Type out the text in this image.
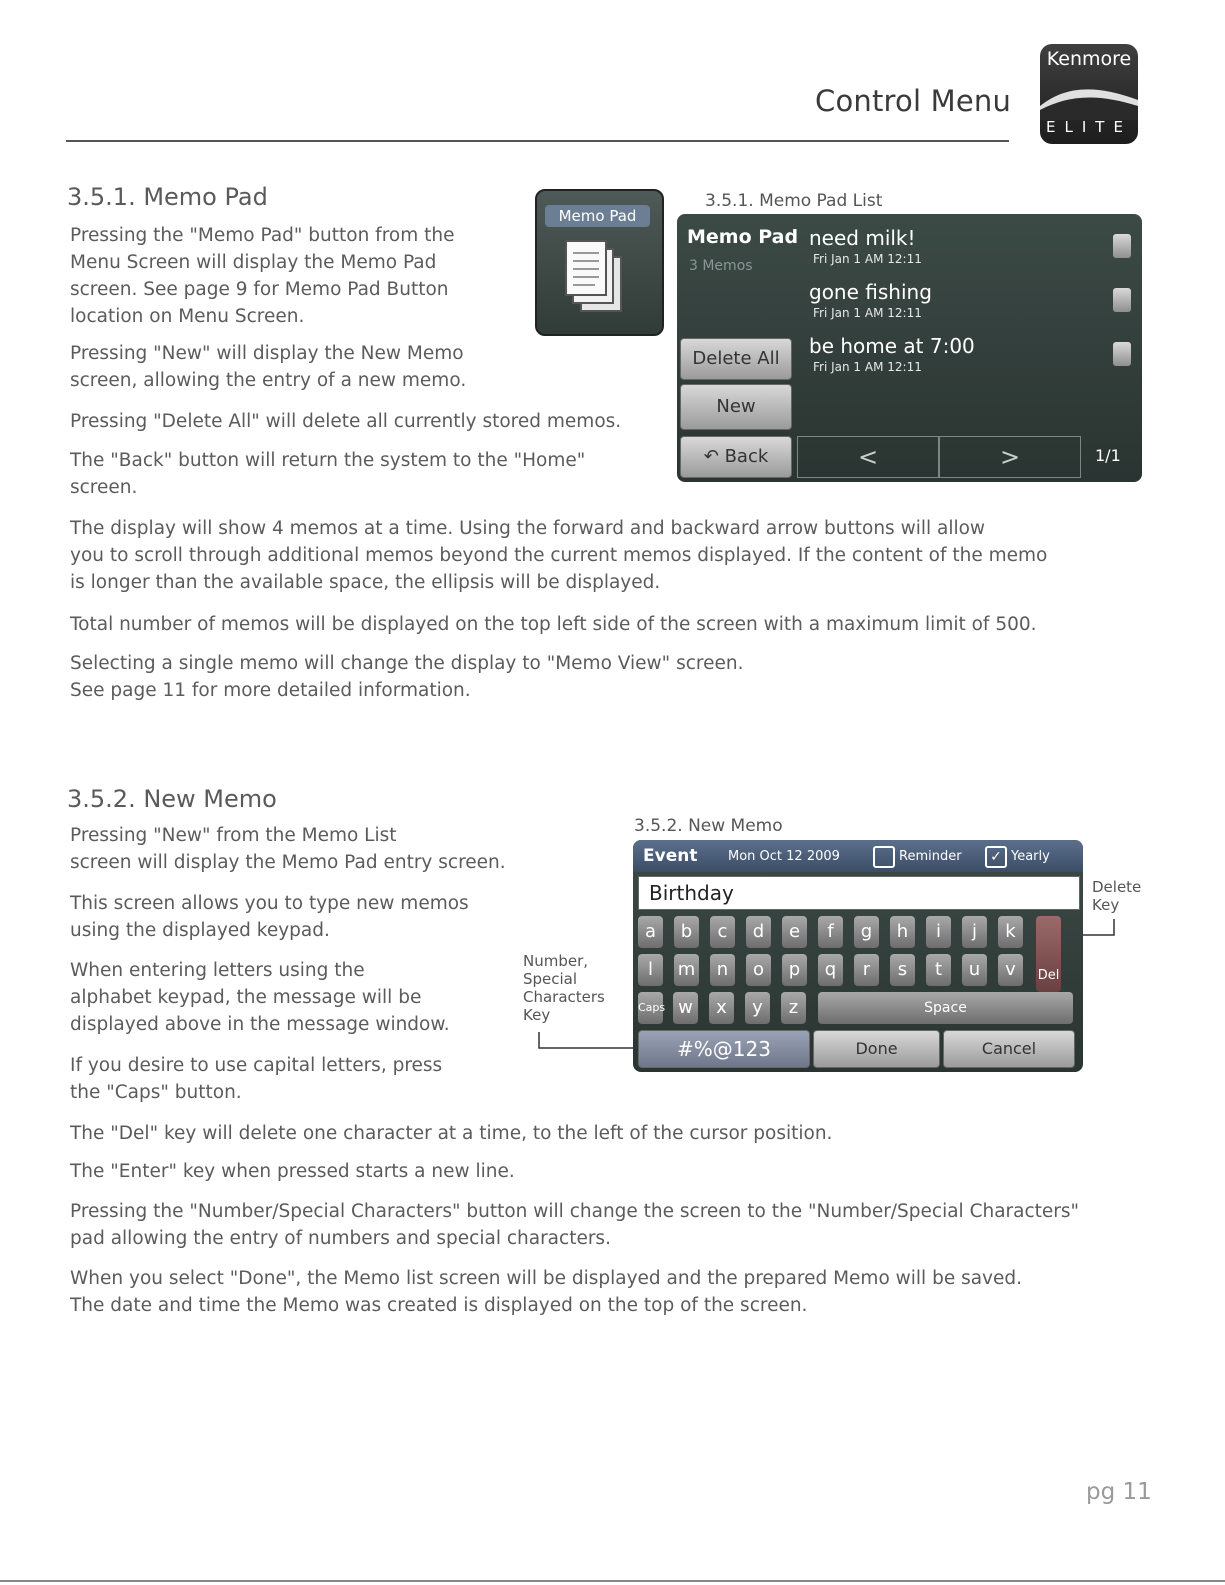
Control Menu
Kenmore
ELITE
3.5.1. Memo Pad

Pressing the "Memo Pad" button from the

Menu Screen will display the Memo Pad

screen. See page 9 for Memo Pad Button

location on Menu Screen.

Pressing "New" will display the New Memo

screen, allowing the entry of a new memo.

Pressing "Delete All" will delete all currently stored memos.

The "Back" button will return the system to the "Home"

screen.

Memo Pad
3.5.1. Memo Pad List
Memo Pad
3 Memos
need milk!
Fri Jan 1 AM 12:11
gone fishing
Fri Jan 1 AM 12:11
be home at 7:00
Fri Jan 1 AM 12:11
Delete All
New
↶ Back	<	>	1/1

The display will show 4 memos at a time. Using the forward and backward arrow buttons will allow

you to scroll through additional memos beyond the current memos displayed. If the content of the memo

is longer than the available space, the ellipsis will be displayed.

Total number of memos will be displayed on the top left side of the screen with a maximum limit of 500.

Selecting a single memo will change the display to "Memo View" screen.

See page 11 for more detailed information.

3.5.2. New Memo

Pressing "New" from the Memo List

screen will display the Memo Pad entry screen.

This screen allows you to type new memos

using the displayed keypad.

When entering letters using the

alphabet keypad, the message will be

displayed above in the message window.

If you desire to use capital letters, press

the "Caps" button.

Number,
Special
Characters
Key
Delete
Key
3.5.2. New Memo
Event Mon Oct 12 2009	Reminder	✓ Yearly
Birthday
Del
Caps	Space
#%@123	Done	Cancel
a	b	c	d	e	f	g	h	i	j	k
l	m	n	o	p	q	r	s	t	u	v
w	x	y	z

The "Del" key will delete one character at a time, to the left of the cursor position.

The "Enter" key when pressed starts a new line.

Pressing the "Number/Special Characters" button will change the screen to the "Number/Special Characters"

pad allowing the entry of numbers and special characters.

When you select "Done", the Memo list screen will be displayed and the prepared Memo will be saved.

The date and time the Memo was created is displayed on the top of the screen.

pg 11
